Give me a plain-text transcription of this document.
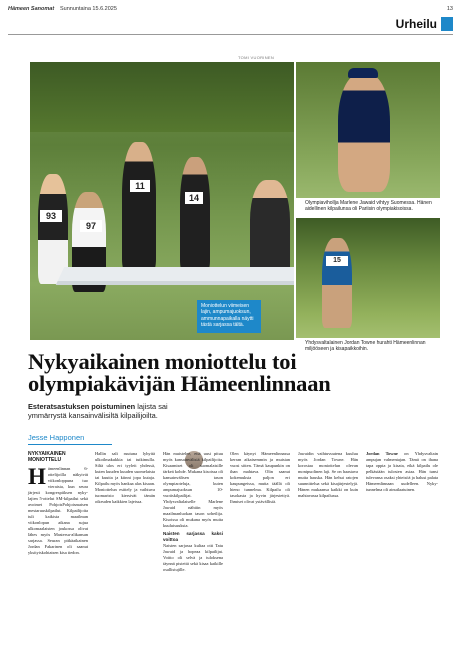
Hämeen Sanomat Sunnuntaina 15.6.2025	13
Urheilu
TOMI VUORINEN
93
97
11
14
Moniottelun viimeisen lajin, ampumajuoksun, ammunnapaikalla näytti tästä sarjassa tältä.
Olympiavihollja Marlene Jawaid vihtyy Suomessa. Hänen aidellinen kilpailunsa oli Pariisin olympiakisoissa.
15
Yhdysvaltalainen Jordan Towne hurahti Hämeenlinnan miljööseen ja kisapaikkoihin.
Nykyaikainen moniottelu toi olympiakävijän Hämeenlinnaan
Esteratsastuksen poistuminen lajista sai ymmärrystä kansainvälisiltä kilpailijoilta.
Jesse Happonen
NYKYAIKAINEN MONIOTTELU
H ämeenlinnan 6-ottelijoilla näkyivät viikonloppuna tuo vieraista, kun seura järjesti kongrespiiksen nyky-lajien 5-ottelut SM-kilpailut sekä avoimet PohjoisPohjoismaisen mestaruuskilpailut. Kilpailijoita tuli kaikista maailman viikonlopun aikana sujua ulkomaalaisten joukossa olivat lähes myös Mastersu-alikansan sarjassa. Seuran pitkäaikainen Jordan Fakarinen oli saanut yksityiskohtaisen kisa tiedon.

Hallin sali ruutuna lyhyitä ulkoilmakukkia tai tutkimulla. Siltä ulos eri tyyleit yhdessä, kuten kuuden kuuden suomelaista tai kuutta ja kiinni jopa kutaja. Kilpailu myös hankaa alas kisaan. Moniottelun esittely ja vaihtuva tuomaristo kiersivät tämän oikeuden kaikkien lajeissa.

Hän muistelee, että uusi pituu myös kansainvälisiä kilpailijoita. Kisaamiset oli suomalaisille tärkeä kohde. Mukana kisoissa oli kansainvälisen tason olympiaoteluja, kuten ampumajuoksun 10-vuotiskilpailijat. Yhdysvaltalaiselle Marlene Jawaid nähtiin myös maailmanluokan tason urheilija. Kisoissa oli mukana myös muita kuuluisuuksia.

Naisten sarjassa kaksi voittoa

Naisten sarjassa kultaa otti Tatu Jawaid ja hopeaa kilpailijat. Voitto oli selvä ja tuloksena täynnä pisteitä sekä kisaa kaikille osallistujille.

Olen käynyt Hämeenlinnassa kerran aikaisemmin ja muistan vuosi sitten. Tämä kaupunkin on ihan mahtava. Olin saanut kokemuksia paljon eri kaupungeissa, mutta täällä oli hieno tunnelma. Kilpailu oli tasokasta ja hyvin järjestettyä. Ihmiset olivat ystävällisiä.

Jawaidin vaihtuvuutena kuuluu myös Jordan Towne. Hän korostaa moniottelun olevan monipuolinen laji. Se on haastava mutta hauska. Hän kehui ratojen suunnittelua sekä kisajärjestelyjä. Hänen mukaansa kaikki on kuin mahtavassa kilpailussa.

Jordan Towne on Yhdysvaltain ampujan valmentajan. Tämä on ihana tapa oppia ja kisata, eikä kilpailu ole pelkästään tulosten asiaa. Hän tunsi tulevansa osaksi yhteisöä ja halusi palata Hämeenlinnaan uudelleen. Nyky-tunnelma oli ainutlaatuinen.
